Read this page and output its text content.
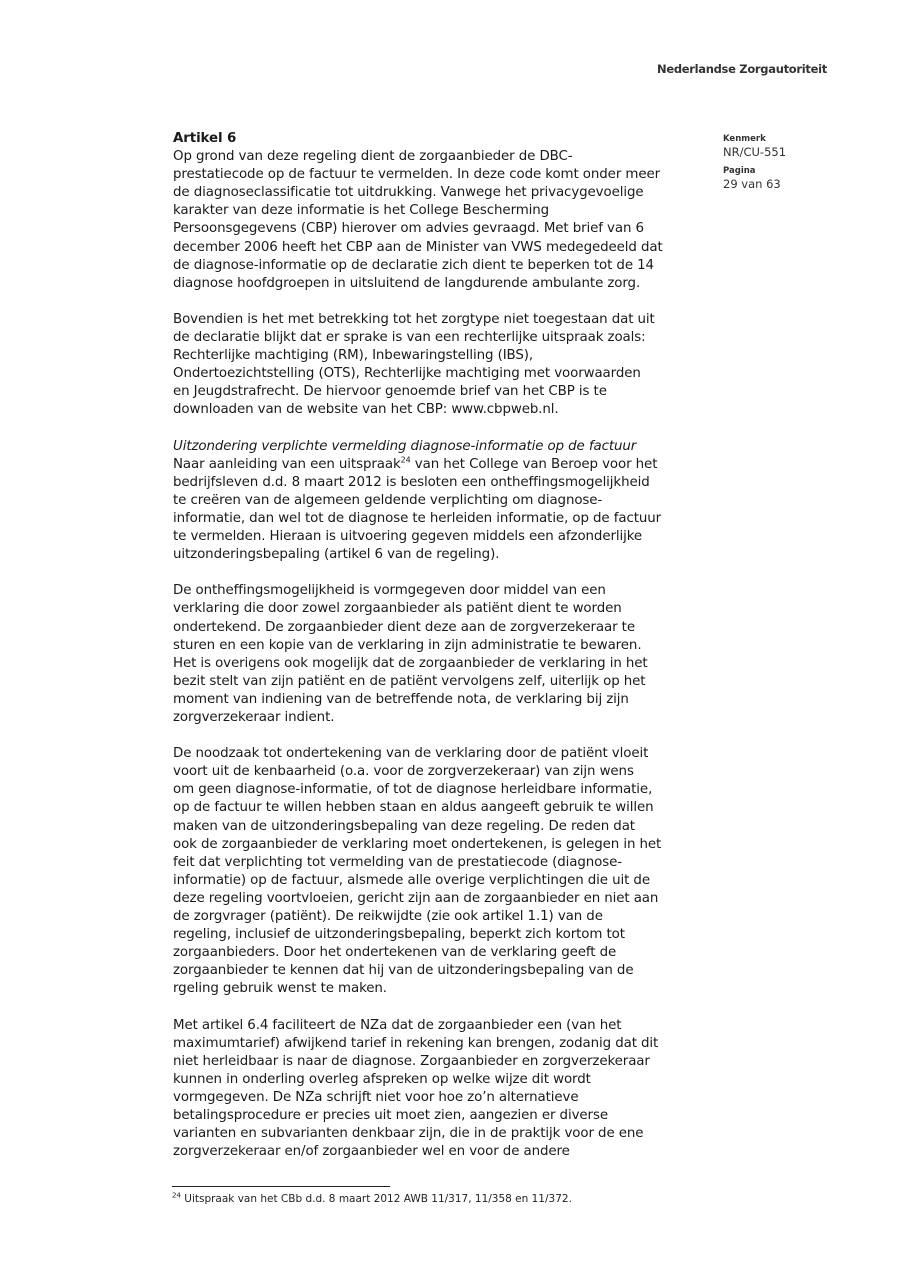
Nederlandse Zorgautoriteit
Kenmerk
NR/CU-551
Pagina
29 van 63
Artikel 6

Op grond van deze regeling dient de zorgaanbieder de DBC-
prestatiecode op de factuur te vermelden. In deze code komt onder meer
de diagnoseclassificatie tot uitdrukking. Vanwege het privacygevoelige
karakter van deze informatie is het College Bescherming
Persoonsgegevens (CBP) hierover om advies gevraagd. Met brief van 6
december 2006 heeft het CBP aan de Minister van VWS medegedeeld dat
de diagnose-informatie op de declaratie zich dient te beperken tot de 14
diagnose hoofdgroepen in uitsluitend de langdurende ambulante zorg.

Bovendien is het met betrekking tot het zorgtype niet toegestaan dat uit
de declaratie blijkt dat er sprake is van een rechterlijke uitspraak zoals:
Rechterlijke machtiging (RM), Inbewaringstelling (IBS),
Ondertoezichtstelling (OTS), Rechterlijke machtiging met voorwaarden
en Jeugdstrafrecht. De hiervoor genoemde brief van het CBP is te
downloaden van de website van het CBP: www.cbpweb.nl.

Uitzondering verplichte vermelding diagnose-informatie op de factuur
Naar aanleiding van een uitspraak$^{24}$ van het College van Beroep voor het
bedrijfsleven d.d. 8 maart 2012 is besloten een ontheffingsmogelijkheid
te creëren van de algemeen geldende verplichting om diagnose-
informatie, dan wel tot de diagnose te herleiden informatie, op de factuur
te vermelden. Hieraan is uitvoering gegeven middels een afzonderlijke
uitzonderingsbepaling (artikel 6 van de regeling).

De ontheffingsmogelijkheid is vormgegeven door middel van een
verklaring die door zowel zorgaanbieder als patiënt dient te worden
ondertekend. De zorgaanbieder dient deze aan de zorgverzekeraar te
sturen en een kopie van de verklaring in zijn administratie te bewaren.
Het is overigens ook mogelijk dat de zorgaanbieder de verklaring in het
bezit stelt van zijn patiënt en de patiënt vervolgens zelf, uiterlijk op het
moment van indiening van de betreffende nota, de verklaring bij zijn
zorgverzekeraar indient.

De noodzaak tot ondertekening van de verklaring door de patiënt vloeit
voort uit de kenbaarheid (o.a. voor de zorgverzekeraar) van zijn wens
om geen diagnose-informatie, of tot de diagnose herleidbare informatie,
op de factuur te willen hebben staan en aldus aangeeft gebruik te willen
maken van de uitzonderingsbepaling van deze regeling. De reden dat
ook de zorgaanbieder de verklaring moet ondertekenen, is gelegen in het
feit dat verplichting tot vermelding van de prestatiecode (diagnose-
informatie) op de factuur, alsmede alle overige verplichtingen die uit de
deze regeling voortvloeien, gericht zijn aan de zorgaanbieder en niet aan
de zorgvrager (patiënt). De reikwijdte (zie ook artikel 1.1) van de
regeling, inclusief de uitzonderingsbepaling, beperkt zich kortom tot
zorgaanbieders. Door het ondertekenen van de verklaring geeft de
zorgaanbieder te kennen dat hij van de uitzonderingsbepaling van de
rgeling gebruik wenst te maken.

Met artikel 6.4 faciliteert de NZa dat de zorgaanbieder een (van het
maximumtarief) afwijkend tarief in rekening kan brengen, zodanig dat dit
niet herleidbaar is naar de diagnose. Zorgaanbieder en zorgverzekeraar
kunnen in onderling overleg afspreken op welke wijze dit wordt
vormgegeven. De NZa schrijft niet voor hoe zo’n alternatieve
betalingsprocedure er precies uit moet zien, aangezien er diverse
varianten en subvarianten denkbaar zijn, die in de praktijk voor de ene
zorgverzekeraar en/of zorgaanbieder wel en voor de andere

$^{24}$ Uitspraak van het CBb d.d. 8 maart 2012 AWB 11/317, 11/358 en 11/372.
